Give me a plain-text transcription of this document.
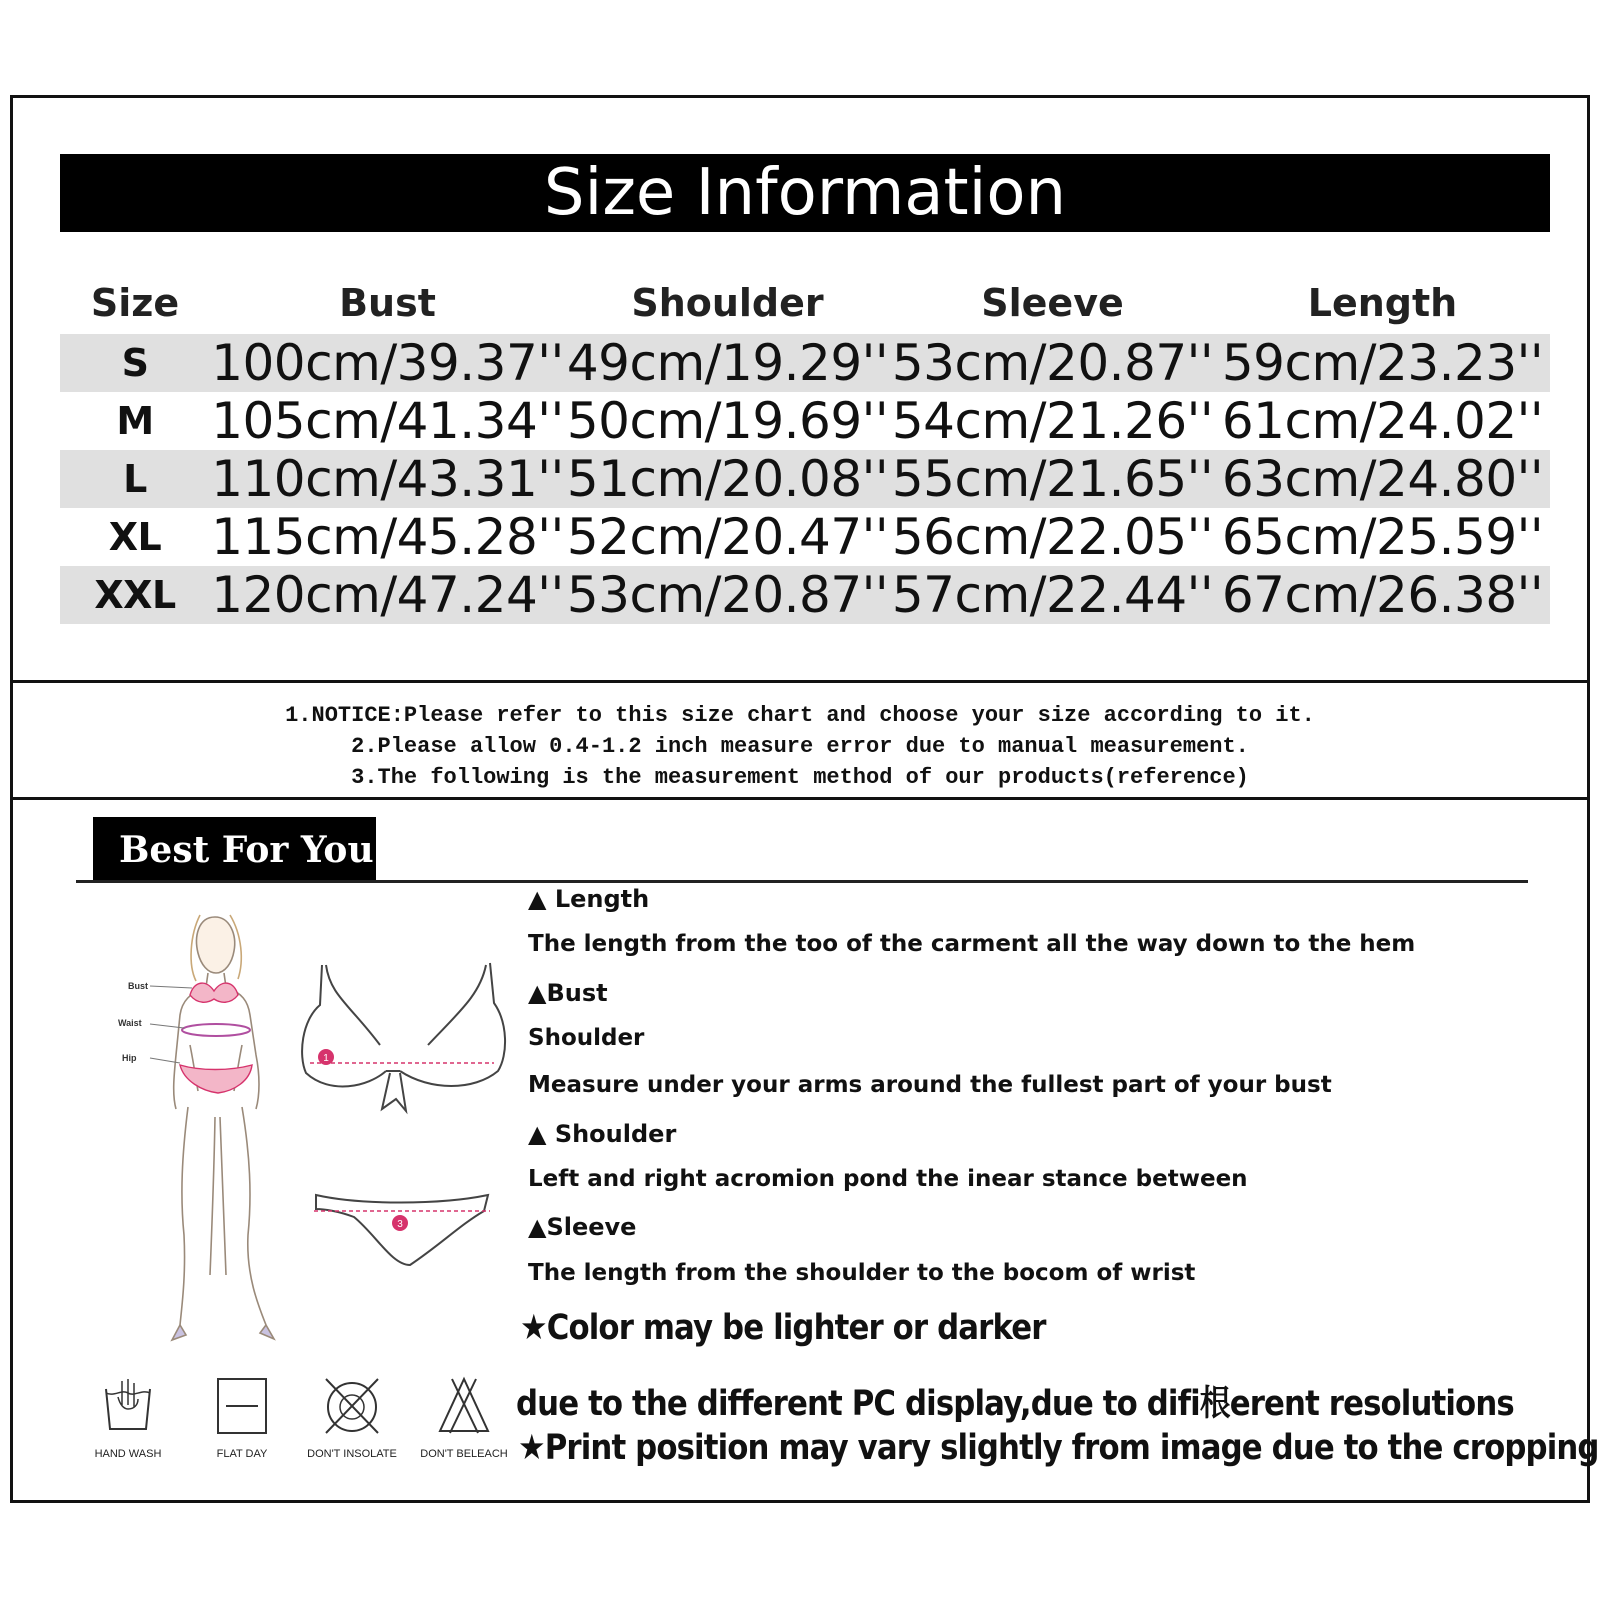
Size Information
Size	Bust	Shoulder	Sleeve	Length
S	100cm/39.37''	49cm/19.29''	53cm/20.87''	59cm/23.23''
M	105cm/41.34''	50cm/19.69''	54cm/21.26''	61cm/24.02''
L	110cm/43.31''	51cm/20.08''	55cm/21.65''	63cm/24.80''
XL	115cm/45.28''	52cm/20.47''	56cm/22.05''	65cm/25.59''
XXL	120cm/47.24''	53cm/20.87''	57cm/22.44''	67cm/26.38''
1.NOTICE:Please refer to this size chart and choose your size according to it.
2.Please allow 0.4-1.2 inch measure error due to manual measurement.
3.The following is the measurement method of our products(reference)
Best For You
Bust
Waist
Hip	1
3
HAND WASH	FLAT DAY	DON'T INSOLATE	DON'T BELEACH
▲ Length
The length from the too of the carment all the way down to the hem
▲Bust
Shoulder
Measure under your arms around the fullest part of your bust
▲ Shoulder
Left and right acromion pond the inear stance between
▲Sleeve
The length from the shoulder to the bocom of wrist
★Color may be lighter or darker
due to the different PC display,due to difi根erent resolutions
★Print position may vary slightly from image due to the cropping
